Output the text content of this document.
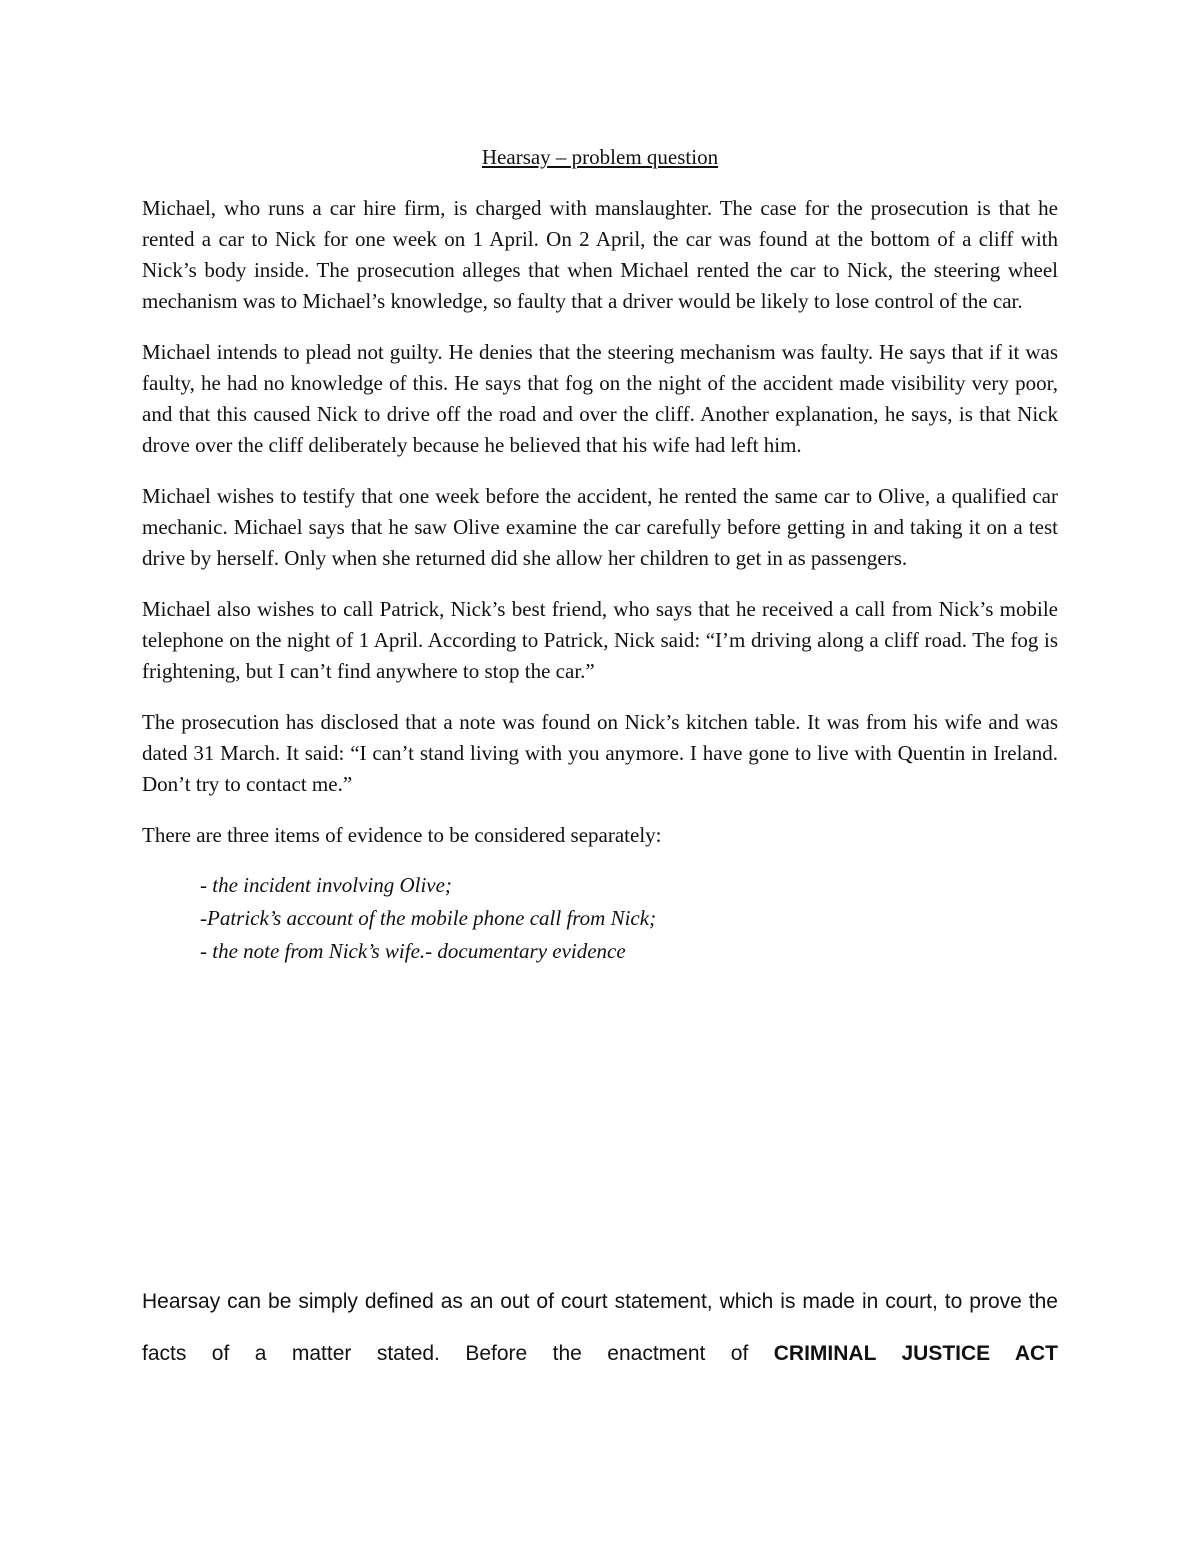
Hearsay – problem question

Michael, who runs a car hire firm, is charged with manslaughter. The case for the prosecution is that he rented a car to Nick for one week on 1 April. On 2 April, the car was found at the bottom of a cliff with Nick’s body inside. The prosecution alleges that when Michael rented the car to Nick, the steering wheel mechanism was to Michael’s knowledge, so faulty that a driver would be likely to lose control of the car.

Michael intends to plead not guilty. He denies that the steering mechanism was faulty. He says that if it was faulty, he had no knowledge of this. He says that fog on the night of the accident made visibility very poor, and that this caused Nick to drive off the road and over the cliff. Another explanation, he says, is that Nick drove over the cliff deliberately because he believed that his wife had left him.

Michael wishes to testify that one week before the accident, he rented the same car to Olive, a qualified car mechanic. Michael says that he saw Olive examine the car carefully before getting in and taking it on a test drive by herself. Only when she returned did she allow her children to get in as passengers.

Michael also wishes to call Patrick, Nick’s best friend, who says that he received a call from Nick’s mobile telephone on the night of 1 April. According to Patrick, Nick said: “I’m driving along a cliff road. The fog is frightening, but I can’t find anywhere to stop the car.”

The prosecution has disclosed that a note was found on Nick’s kitchen table. It was from his wife and was dated 31 March. It said: “I can’t stand living with you anymore. I have gone to live with Quentin in Ireland. Don’t try to contact me.”

There are three items of evidence to be considered separately:

- the incident involving Olive;
-Patrick’s account of the mobile phone call from Nick;
- the note from Nick’s wife.- documentary evidence
Hearsay can be simply defined as an out of court statement, which is made in court, to prove the facts of a matter stated. Before the enactment of CRIMINAL JUSTICE ACT
